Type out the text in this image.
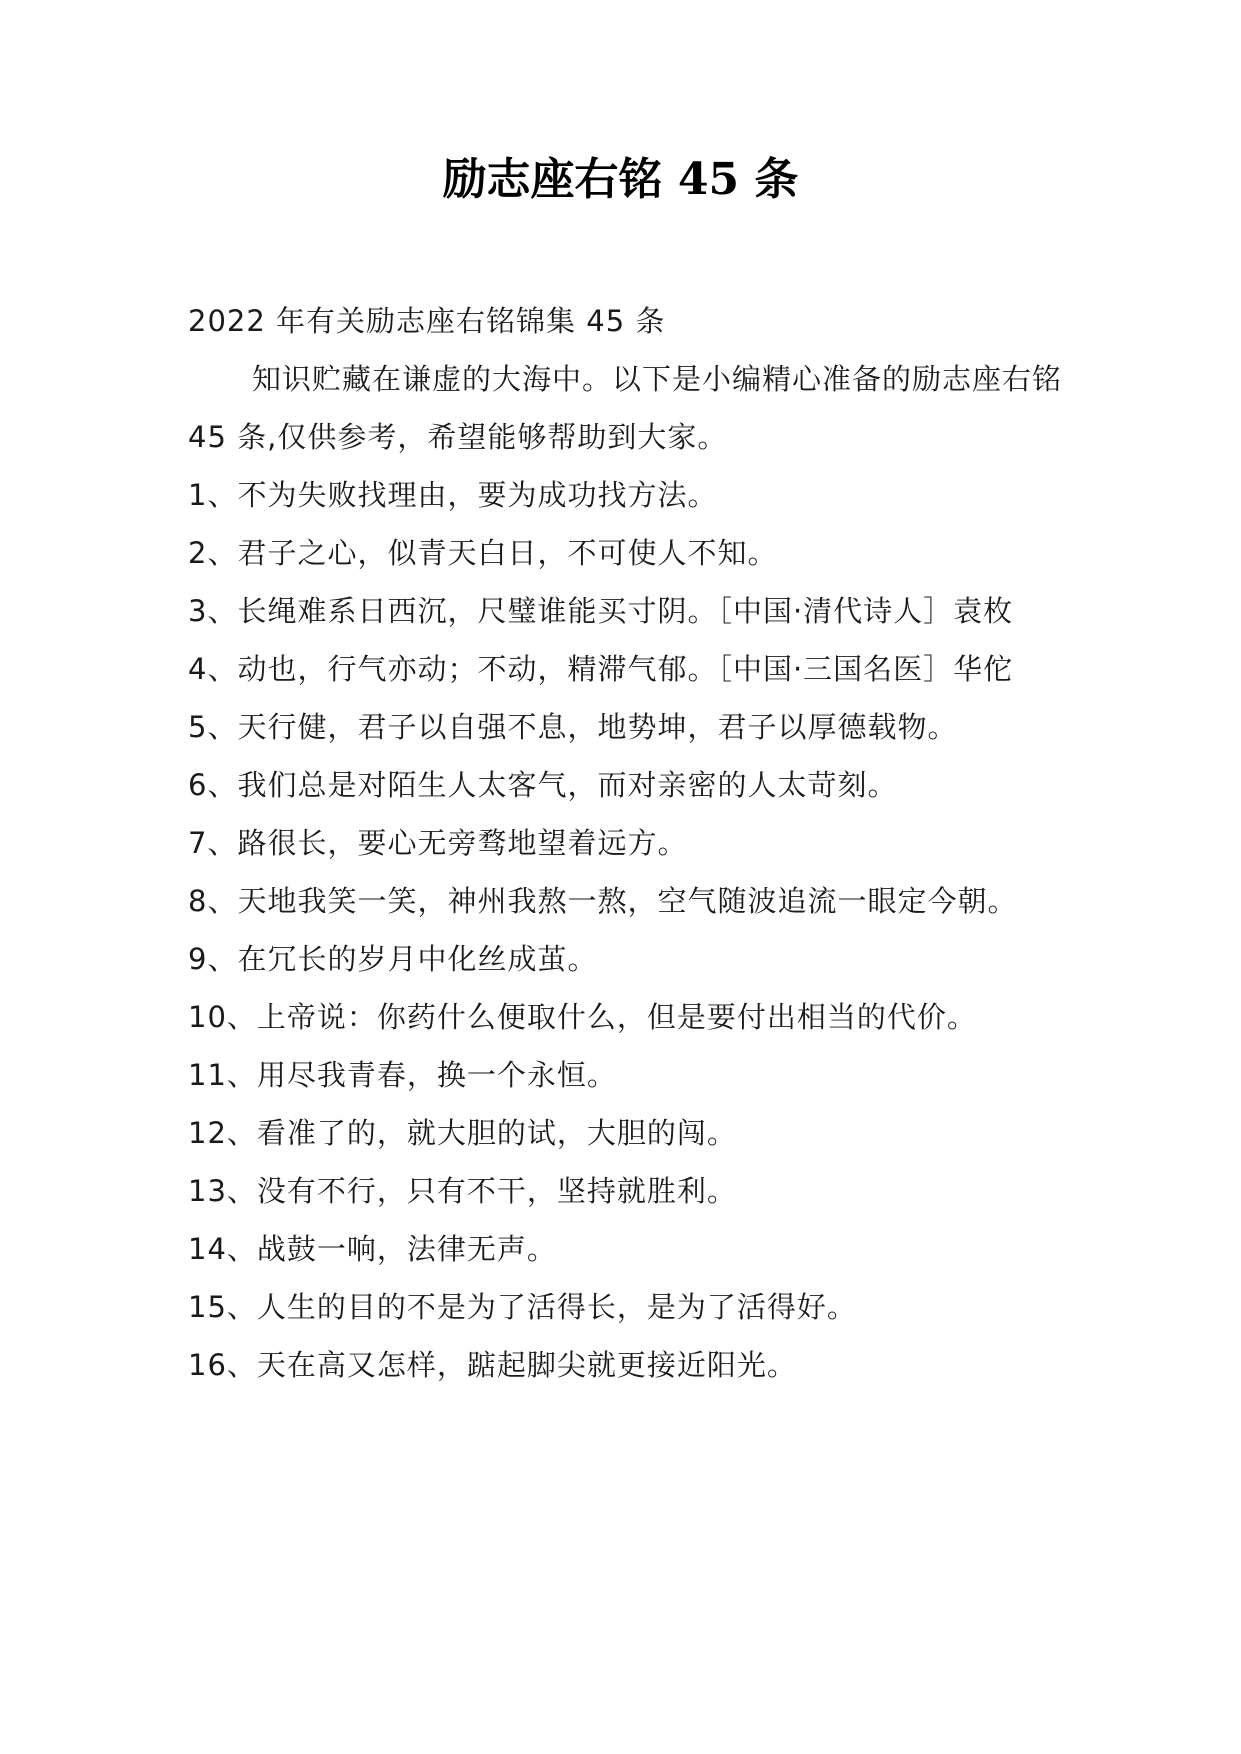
励志座右铭 45 条

2022 年有关励志座右铭锦集 45 条

知识贮藏在谦虚的大海中。以下是小编精心准备的励志座右铭 45 条,仅供参考，希望能够帮助到大家。

1、不为失败找理由，要为成功找方法。

2、君子之心，似青天白日，不可使人不知。

3、长绳难系日西沉，尺璧谁能买寸阴。［中国·清代诗人］袁枚

4、动也，行气亦动；不动，精滞气郁。［中国·三国名医］华佗

5、天行健，君子以自强不息，地势坤，君子以厚德载物。

6、我们总是对陌生人太客气，而对亲密的人太苛刻。

7、路很长，要心无旁骛地望着远方。

8、天地我笑一笑，神州我熬一熬，空气随波追流一眼定今朝。

9、在冗长的岁月中化丝成茧。

10、上帝说：你药什么便取什么，但是要付出相当的代价。

11、用尽我青春，换一个永恒。

12、看准了的，就大胆的试，大胆的闯。

13、没有不行，只有不干，坚持就胜利。

14、战鼓一响，法律无声。

15、人生的目的不是为了活得长，是为了活得好。

16、天在高又怎样，踮起脚尖就更接近阳光。
